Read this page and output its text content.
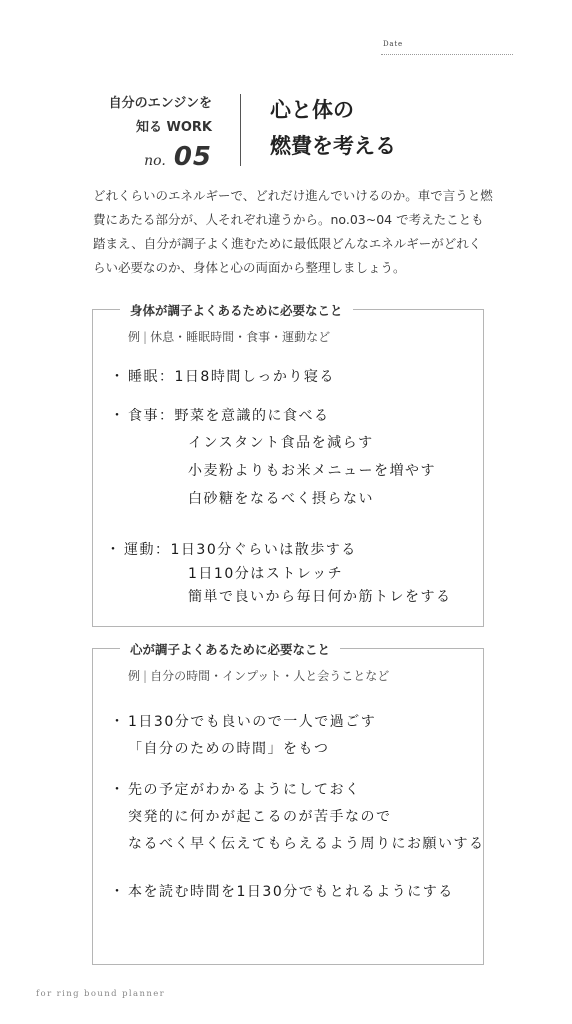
Date
自分のエンジンを
知る WORK
no. 05
心と体の
燃費を考える
どれくらいのエネルギーで、どれだけ進んでいけるのか。車で言うと燃費にあたる部分が、人それぞれ違うから。no.03~04 で考えたことも踏まえ、自分が調子よく進むために最低限どんなエネルギーがどれくらい必要なのか、身体と心の両面から整理しましょう。
身体が調子よくあるために必要なこと
例 | 休息・睡眠時間・食事・運動など
・ 睡眠：1日8時間しっかり寝る
・ 食事：野菜を意識的に食べる
インスタント食品を減らす
小麦粉よりもお米メニューを増やす
白砂糖をなるべく摂らない
・ 運動：1日30分ぐらいは散歩する
1日10分はストレッチ
簡単で良いから毎日何か筋トレをする
心が調子よくあるために必要なこと
例 | 自分の時間・インプット・人と会うことなど
・ 1日30分でも良いので一人で過ごす
「自分のための時間」をもつ
・ 先の予定がわかるようにしておく
突発的に何かが起こるのが苦手なので
なるべく早く伝えてもらえるよう周りにお願いする
・ 本を読む時間を1日30分でもとれるようにする
for ring bound planner
